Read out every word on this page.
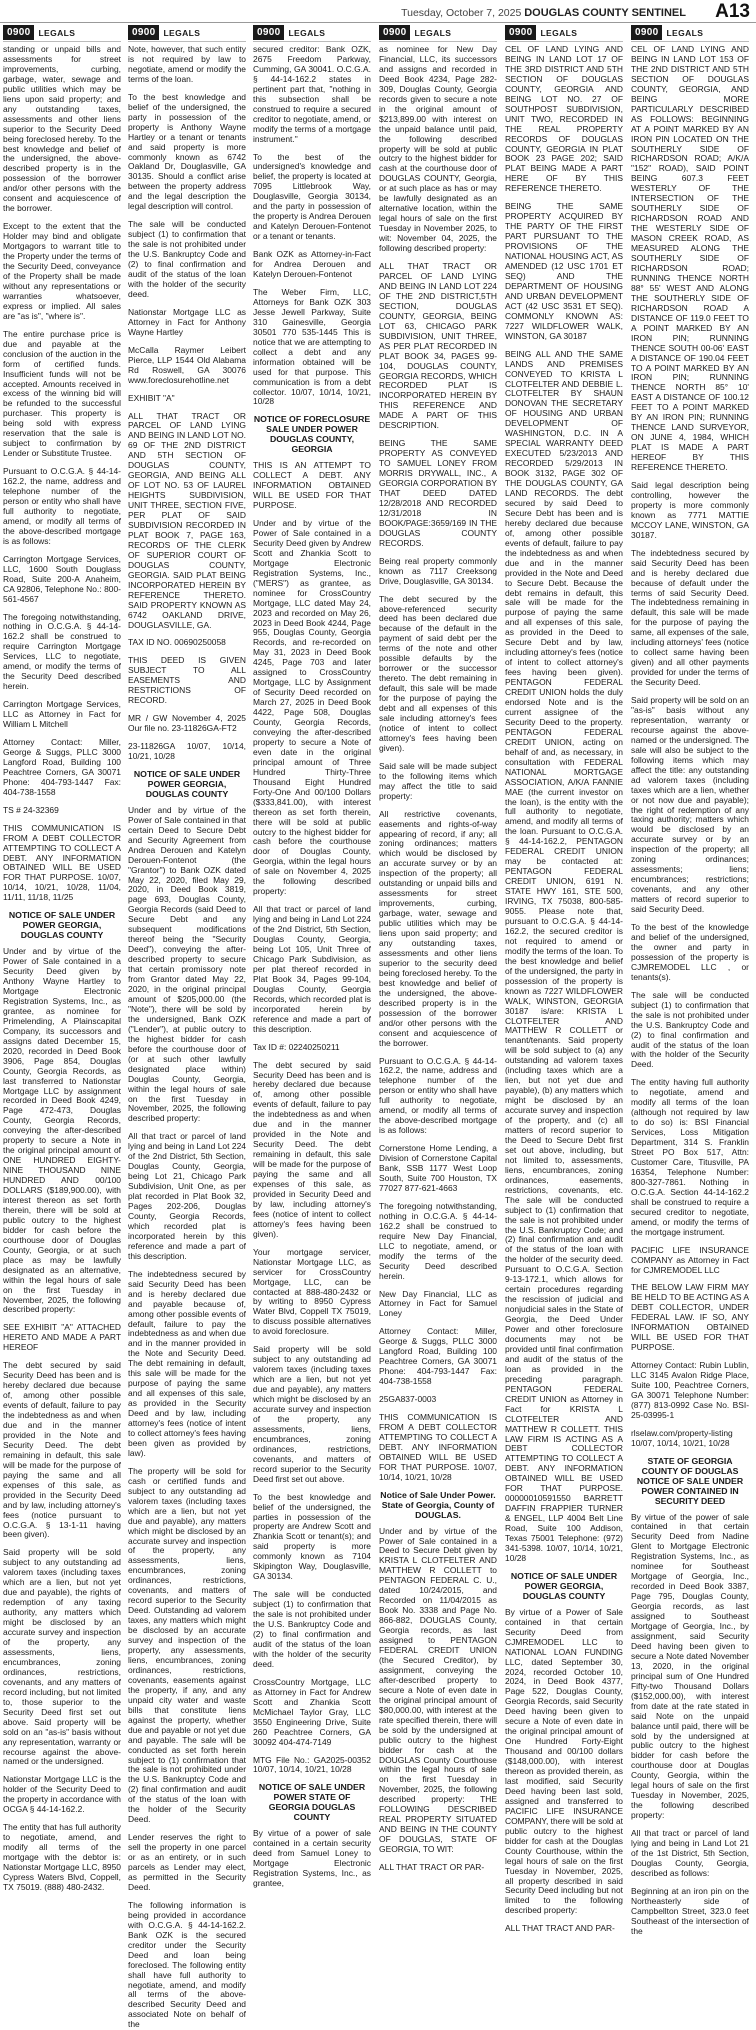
Tuesday, October 7, 2025 DOUGLAS COUNTY SENTINEL A13
0900 LEGALS

standing or unpaid bills and assessments for street improvements, curbing, garbage, water, sewage and public utilities which may be liens upon said property; and any outstanding taxes, assessments and other liens superior to the Security Deed being foreclosed hereby. To the best knowledge and belief of the undersigned, the above-described property is in the possession of the borrower and/or other persons with the consent and acquiescence of the borrower.

Except to the extent that the Holder may bind and obligate Mortgagors to warrant title to the Property under the terms of the Security Deed, conveyance of the Property shall be made without any representations or warranties whatsoever, express or implied. All sales are "as is", "where is".

The entire purchase price is due and payable at the conclusion of the auction in the form of certified funds. Insufficient funds will not be accepted. Amounts received in excess of the winning bid will be refunded to the successful purchaser. This property is being sold with express reservation that the sale is subject to confirmation by Lender or Substitute Trustee.

Pursuant to O.C.G.A. § 44-14-162.2, the name, address and telephone number of the person or entity who shall have full authority to negotiate, amend, or modify all terms of the above-described mortgage is as follows:

Carrington Mortgage Services, LLC, 1600 South Douglass Road, Suite 200-A Anaheim, CA 92806, Telephone No.: 800-561-4567

The foregoing notwithstanding, nothing in O.C.G.A. § 44-14-162.2 shall be construed to require Carrington Mortgage Services, LLC to negotiate, amend, or modify the terms of the Security Deed described herein.

Carrington Mortgage Services, LLC as Attorney in Fact for William L Mitchell

Attorney Contact: Miller, George & Suggs, PLLC 3000 Langford Road, Building 100 Peachtree Corners, GA 30071 Phone: 404-793-1447 Fax: 404-738-1558

TS # 24-32369

THIS COMMUNICATION IS FROM A DEBT COLLECTOR ATTEMPTING TO COLLECT A DEBT. ANY INFORMATION OBTAINED WILL BE USED FOR THAT PURPOSE. 10/07, 10/14, 10/21, 10/28, 11/04, 11/11, 11/18, 11/25

NOTICE OF SALE UNDER POWER GEORGIA, DOUGLAS COUNTY

Under and by virtue of the Power of Sale contained in a Security Deed given by Anthony Wayne Hartley to Mortgage Electronic Registration Systems, Inc., as grantee, as nominee for Primelending, A Plainscapital Company, its successors and assigns dated December 15, 2020, recorded in Deed Book 3906, Page 854, Douglas County, Georgia Records, as last transferred to Nationstar Mortgage LLC by assignment recorded in Deed Book 4249, Page 472-473, Douglas County, Georgia Records, conveying the after-described property to secure a Note in the original principal amount of ONE HUNDRED EIGHTY-NINE THOUSAND NINE HUNDRED AND 00/100 DOLLARS ($189,900.00), with interest thereon as set forth therein, there will be sold at public outcry to the highest bidder for cash before the courthouse door of Douglas County, Georgia, or at such place as may be lawfully designated as an alternative, within the legal hours of sale on the first Tuesday in November, 2025, the following described property:

SEE EXHIBIT "A" ATTACHED HERETO AND MADE A PART HEREOF

The debt secured by said Security Deed has been and is hereby declared due because of, among other possible events of default, failure to pay the indebtedness as and when due and in the manner provided in the Note and Security Deed. The debt remaining in default, this sale will be made for the purpose of paying the same and all expenses of this sale, as provided in the Security Deed and by law, including attorney's fees (notice pursuant to O.C.G.A. § 13-1-11 having been given).

Said property will be sold subject to any outstanding ad valorem taxes (including taxes which are a lien, but not yet due and payable), the rights of redemption of any taxing authority, any matters which might be disclosed by an accurate survey and inspection of the property, any assessments, liens, encumbrances, zoning ordinances, restrictions, covenants, and any matters of record including, but not limited to, those superior to the Security Deed first set out above. Said property will be sold on an "as-is" basis without any representation, warranty or recourse against the above-named or the undersigned.

Nationstar Mortgage LLC is the holder of the Security Deed to the property in accordance with OCGA § 44-14-162.2.

The entity that has full authority to negotiate, amend, and modify all terms of the mortgage with the debtor is: Nationstar Mortgage LLC, 8950 Cypress Waters Blvd, Coppell, TX 75019. (888) 480-2432.

0900 LEGALS

Note, however, that such entity is not required by law to negotiate, amend or modify the terms of the loan.

To the best knowledge and belief of the undersigned, the party in possession of the property is Anthony Wayne Hartley or a tenant or tenants and said property is more commonly known as 6742 Oakland Dr, Douglasville, GA 30135. Should a conflict arise between the property address and the legal description the legal description will control.

The sale will be conducted subject (1) to confirmation that the sale is not prohibited under the U.S. Bankruptcy Code and (2) to final confirmation and audit of the status of the loan with the holder of the security deed.

Nationstar Mortgage LLC as Attorney in Fact for Anthony Wayne Hartley

McCalla Raymer Leibert Pierce, LLP 1544 Old Alabama Rd Roswell, GA 30076 www.foreclosurehotline.net

EXHIBIT "A"

ALL THAT TRACT OR PARCEL OF LAND LYING AND BEING IN LAND LOT NO. 69 OF THE 2ND DISTRICT AND 5TH SECTION OF DOUGLAS COUNTY, GEORGIA, AND BEING ALL OF LOT NO. 53 OF LAUREL HEIGHTS SUBDIVISION, UNIT THREE, SECTION FIVE, PER PLAT OF SAID SUBDIVISION RECORDED IN PLAT BOOK 7, PAGE 163, RECORDS OF THE CLERK OF SUPERIOR COURT OF DOUGLAS COUNTY, GEORGIA. SAID PLAT BEING INCORPORATED HEREIN BY REFERENCE THERETO. SAID PROPERTY KNOWN AS 6742 OAKLAND DRIVE, DOUGLASVILLE, GA.

TAX ID NO. 00690250058

THIS DEED IS GIVEN SUBJECT TO ALL EASEMENTS AND RESTRICTIONS OF RECORD.

MR / GW November 4, 2025 Our file no. 23-11826GA-FT2

23-11826GA 10/07, 10/14, 10/21, 10/28

NOTICE OF SALE UNDER POWER GEORGIA, DOUGLAS COUNTY

Under and by virtue of the Power of Sale contained in that certain Deed to Secure Debt and Security Agreement from Andrea Derouen and Katelyn Derouen-Fontenot (the "Grantor") to Bank OZK dated May 22, 2020, filed May 29, 2020, in Deed Book 3819, page 693, Douglas County, Georgia Records (said Deed to Secure Debt and any subsequent modifications thereof being the "Security Deed"), conveying the after-described property to secure that certain promissory note from Grantor dated May 22, 2020, in the original principal amount of $205,000.00 (the "Note"), there will be sold by the undersigned, Bank OZK ("Lender"), at public outcry to the highest bidder for cash before the courthouse door of (or at such other lawfully designated place within) Douglas County, Georgia, within the legal hours of sale on the first Tuesday in November, 2025, the following described property:

All that tract or parcel of land lying and being in Land Lot 224 of the 2nd District, 5th Section, Douglas County, Georgia, being Lot 21, Chicago Park Subdivision, Unit One, as per plat recorded in Plat Book 32, Pages 202-206, Douglas County, Georgia Records, which recorded plat is incorporated herein by this reference and made a part of this description.

The indebtedness secured by said Security Deed has been and is hereby declared due and payable because of, among other possible events of default, failure to pay the indebtedness as and when due and in the manner provided in the Note and Security Deed. The debt remaining in default, this sale will be made for the purpose of paying the same and all expenses of this sale, as provided in the Security Deed and by law, including attorney's fees (notice of intent to collect attorney's fees having been given as provided by law).

The property will be sold for cash or certified funds and subject to any outstanding ad valorem taxes (including taxes which are a lien, but not yet due and payable), any matters which might be disclosed by an accurate survey and inspection of the property, any assessments, liens, encumbrances, zoning ordinances, restrictions, covenants, and matters of record superior to the Security Deed. Outstanding ad valorem taxes, any matters which might be disclosed by an accurate survey and inspection of the property, any assessments, liens, encumbrances, zoning ordinances, restrictions, covenants, easements against the property, if any, and any unpaid city water and waste bills that constitute liens against the property, whether due and payable or not yet due and payable. The sale will be conducted as set forth herein subject to (1) confirmation that the sale is not prohibited under the U.S. Bankruptcy Code and (2) final confirmation and audit of the status of the loan with the holder of the Security Deed.

Lender reserves the right to sell the property in one parcel or as an entirety, or in such parcels as Lender may elect, as permitted in the Security Deed.

The following information is being provided in accordance with O.C.G.A. § 44-14-162.2. Bank OZK is the secured creditor under the Security Deed and loan being foreclosed. The following entity shall have full authority to negotiate, amend, and modify all terms of the above-described Security Deed and associated Note on behalf of the

0900 LEGALS

secured creditor: Bank OZK, 2675 Freedom Parkway, Cumming, GA 30041. O.C.G.A. § 44-14-162.2 states in pertinent part that, "nothing in this subsection shall be construed to require a secured creditor to negotiate, amend, or modify the terms of a mortgage instrument."

To the best of the undersigned's knowledge and belief, the property is located at 7095 Littlebrook Way, Douglasville, Georgia 30134, and the party in possession of the property is Andrea Derouen and Katelyn Derouen-Fontenot or a tenant or tenants.

Bank OZK as Attorney-in-Fact for Andrea Derouen and Katelyn Derouen-Fontenot

The Weber Firm, LLC, Attorneys for Bank OZK 303 Jesse Jewell Parkway, Suite 310 Gainesville, Georgia 30501 770 535-1445 This is notice that we are attempting to collect a debt and any information obtained will be used for that purpose. This communication is from a debt collector. 10/07, 10/14, 10/21, 10/28

NOTICE OF FORECLOSURE SALE UNDER POWER DOUGLAS COUNTY, GEORGIA

THIS IS AN ATTEMPT TO COLLECT A DEBT. ANY INFORMATION OBTAINED WILL BE USED FOR THAT PURPOSE.

Under and by virtue of the Power of Sale contained in a Security Deed given by Andrew Scott and Zhankia Scott to Mortgage Electronic Registration Systems, Inc., ("MERS") as grantee, as nominee for CrossCountry Mortgage, LLC dated May 24, 2023 and recorded on May 26, 2023 in Deed Book 4244, Page 955, Douglas County, Georgia Records, and re-recorded on May 31, 2023 in Deed Book 4245, Page 703 and later assigned to CrossCountry Mortgage, LLC by Assignment of Security Deed recorded on March 27, 2025 in Deed Book 4422, Page 508, Douglas County, Georgia Records, conveying the after-described property to secure a Note of even date in the original principal amount of Three Hundred Thirty-Three Thousand Eight Hundred Forty-One And 00/100 Dollars ($333,841.00), with interest thereon as set forth therein, there will be sold at public outcry to the highest bidder for cash before the courthouse door of Douglas County, Georgia, within the legal hours of sale on November 4, 2025 the following described property:

All that tract or parcel of land lying and being in Land Lot 224 of the 2nd District, 5th Section, Douglas County, Georgia, being Lot 105, Unit Three of Chicago Park Subdivision, as per plat thereof recorded in Plat Book 34, Pages 99-104, Douglas County, Georgia Records, which recorded plat is incorporated herein by reference and made a part of this description.

Tax ID #: 02240250211

The debt secured by said Security Deed has been and is hereby declared due because of, among other possible events of default, failure to pay the indebtedness as and when due and in the manner provided in the Note and Security Deed. The debt remaining in default, this sale will be made for the purpose of paying the same and all expenses of this sale, as provided in Security Deed and by law, including attorney's fees (notice of intent to collect attorney's fees having been given).

Your mortgage servicer, Nationstar Mortgage LLC, as servicer for CrossCountry Mortgage, LLC, can be contacted at 888-480-2432 or by writing to 8950 Cypress Water Blvd, Coppell TX 75019, to discuss possible alternatives to avoid foreclosure.

Said property will be sold subject to any outstanding ad valorem taxes (including taxes which are a lien, but not yet due and payable), any matters which might be disclosed by an accurate survey and inspection of the property, any assessments, liens, encumbrances, zoning ordinances, restrictions, covenants, and matters of record superior to the Security Deed first set out above.

To the best knowledge and belief of the undersigned, the parties in possession of the property are Andrew Scott and Zhankia Scott or tenant(s); and said property is more commonly known as 7104 Skipington Way, Douglasville, GA 30134.

The sale will be conducted subject (1) to confirmation that the sale is not prohibited under the U.S. Bankruptcy Code and (2) to final confirmation and audit of the status of the loan with the holder of the security deed.

CrossCountry Mortgage, LLC as Attorney in Fact for Andrew Scott and Zhankia Scott McMichael Taylor Gray, LLC 3550 Engineering Drive, Suite 260 Peachtree Corners, GA 30092 404-474-7149

MTG File No.: GA2025-00352 10/07, 10/14, 10/21, 10/28

NOTICE OF SALE UNDER POWER STATE OF GEORGIA DOUGLAS COUNTY

By virtue of a power of sale contained in a certain security deed from Samuel Loney to Mortgage Electronic Registration Systems, Inc., as grantee,

0900 LEGALS

as nominee for New Day Financial, LLC, its successors and assigns and recorded in Deed Book 4234, Page 282-309, Douglas County, Georgia records given to secure a note in the original amount of $213,899.00 with interest on the unpaid balance until paid, the following described property will be sold at public outcry to the highest bidder for cash at the courthouse door of DOUGLAS COUNTY, Georgia, or at such place as has or may be lawfully designated as an alternative location, within the legal hours of sale on the first Tuesday in November 2025, to wit: November 04, 2025, the following described property:

ALL THAT TRACT OR PARCEL OF LAND LYING AND BEING IN LAND LOT 224 OF THE 2ND DISTRICT,5TH SECTION, DOUGLAS COUNTY, GEORGIA, BEING LOT 63, CHICAGO PARK SUBDIVISION, UNIT THREE, AS PER PLAT RECORDED IN PLAT BOOK 34, PAGES 99-104, DOUGLAS COUNTY, GEORGIA RECORDS, WHICH RECORDED PLAT IS INCORPORATED HEREIN BY THIS REFERENCE AND MADE A PART OF THIS DESCRIPTION.

BEING THE SAME PROPERTY AS CONVEYED TO SAMUEL LONEY FROM MORRIS DRYWALL, INC., A GEORGIA CORPORATION BY THAT DEED DATED 12/28/2018 AND RECORDED 12/31/2018 IN BOOK/PAGE:3659/169 IN THE DOUGLAS COUNTY RECORDS.

Being real property commonly known as 7117 Creeksong Drive, Douglasville, GA 30134.

The debt secured by the above-referenced security deed has been declared due because of the default in the payment of said debt per the terms of the note and other possible defaults by the borrower or the successor thereto. The debt remaining in default, this sale will be made for the purpose of paying the debt and all expenses of this sale including attorney's fees (notice of intent to collect attorney's fees having been given).

Said sale will be made subject to the following items which may affect the title to said property:

All restrictive covenants, easements and rights-of-way appearing of record, if any; all zoning ordinances; matters which would be disclosed by an accurate survey or by an inspection of the property; all outstanding or unpaid bills and assessments for street improvements, curbing, garbage, water, sewage and public utilities which may be liens upon said property; and any outstanding taxes, assessments and other liens superior to the security deed being foreclosed hereby. To the best knowledge and belief of the undersigned, the above-described property is in the possession of the borrower and/or other persons with the consent and acquiescence of the borrower.

Pursuant to O.C.G.A. § 44-14-162.2, the name, address and telephone number of the person or entity who shall have full authority to negotiate, amend, or modify all terms of the above-described mortgage is as follows:

Cornerstone Home Lending, a Division of Cornerstone Capital Bank, SSB 1177 West Loop South, Suite 700 Houston, TX 77027 877-621-4663

The foregoing notwithstanding, nothing in O.C.G.A. § 44-14-162.2 shall be construed to require New Day Financial, LLC to negotiate, amend, or modify the terms of the Security Deed described herein.

New Day Financial, LLC as Attorney in Fact for Samuel Loney

Attorney Contact: Miller, George & Suggs, PLLC 3000 Langford Road, Building 100 Peachtree Corners, GA 30071 Phone: 404-793-1447 Fax: 404-738-1558

25GA837-0003

THIS COMMUNICATION IS FROM A DEBT COLLECTOR ATTEMPTING TO COLLECT A DEBT. ANY INFORMATION OBTAINED WILL BE USED FOR THAT PURPOSE. 10/07, 10/14, 10/21, 10/28

Notice of Sale Under Power. State of Georgia, County of DOUGLAS.

Under and by virtue of the Power of Sale contained in a Deed to Secure Debt given by KRISTA L CLOTFELTER AND MATTHEW R COLLETT to PENTAGON FEDERAL C. U., dated 10/24/2015, and Recorded on 11/04/2015 as Book No. 3338 and Page No. 866-882, DOUGLAS County, Georgia records, as last assigned to PENTAGON FEDERAL CREDIT UNION (the Secured Creditor), by assignment, conveying the after-described property to secure a Note of even date in the original principal amount of $80,000.00, with interest at the rate specified therein, there will be sold by the undersigned at public outcry to the highest bidder for cash at the DOUGLAS County Courthouse within the legal hours of sale on the first Tuesday in November, 2025, the following described property: THE FOLLOWING DESCRIBED REAL PROPERTY SITUATED AND BEING IN THE COUNTY OF DOUGLAS, STATE OF GEORGIA, TO WIT:

ALL THAT TRACT OR PAR-

0900 LEGALS

CEL OF LAND LYING AND BEING IN LAND LOT 17 OF THE 3RD DISTRICT AND 5TH SECTION OF DOUGLAS COUNTY, GEORGIA AND BEING LOT NO. 27 OF SOUTHPOST SUBDIVISION, UNIT TWO, RECORDED IN THE REAL PROPERTY RECORDS OF DOUGLAS COUNTY, GEORGIA IN PLAT BOOK 23 PAGE 202; SAID PLAT BEING MADE A PART HERE OF BY THIS REFERENCE THERETO.

BEING THE SAME PROPERTY ACQUIRED BY THE PARTY OF THE FIRST PART PURSUANT TO THE PROVISIONS OF THE NATIONAL HOUSING ACT, AS AMENDED (12 USC 1701 ET SEQ) AND THE DEPARTMENT OF HOUSING AND URBAN DEVELOPMENT ACT (42 USC 3531 ET SEQ). COMMONLY KNOWN AS: 7227 WILDFLOWER WALK, WINSTON, GA 30187

BEING ALL AND THE SAME LANDS AND PREMISES CONVEYED TO KRISTA L CLOTFELTER AND DEBBIE L. CLOTFELTER BY SHAUN DONOVAN THE SECRETARY OF HOUSING AND URBAN DEVELOPMENT OF WASHINGTON, D.C. IN A SPECIAL WARRANTY DEED EXECUTED 5/23/2013 AND RECORDED 5/29/2013 IN BOOK 3132, PAGE 302 OF THE DOUGLAS COUNTY, GA LAND RECORDS. The debt secured by said Deed to Secure Debt has been and is hereby declared due because of, among other possible events of default, failure to pay the indebtedness as and when due and in the manner provided in the Note and Deed to Secure Debt. Because the debt remains in default, this sale will be made for the purpose of paying the same and all expenses of this sale, as provided in the Deed to Secure Debt and by law, including attorney's fees (notice of intent to collect attorney's fees having been given). PENTAGON FEDERAL CREDIT UNION holds the duly endorsed Note and is the current assignee of the Security Deed to the property. PENTAGON FEDERAL CREDIT UNION, acting on behalf of and, as necessary, in consultation with FEDERAL NATIONAL MORTGAGE ASSOCIATION, A/K/A FANNIE MAE (the current investor on the loan), is the entity with the full authority to negotiate, amend, and modify all terms of the loan. Pursuant to O.C.G.A. § 44-14-162.2, PENTAGON FEDERAL CREDIT UNION may be contacted at: PENTAGON FEDERAL CREDIT UNION, 6191 N. STATE HWY 161, STE 500, IRVING, TX 75038, 800-585-9055. Please note that, pursuant to O.C.G.A. § 44-14-162.2, the secured creditor is not required to amend or modify the terms of the loan. To the best knowledge and belief of the undersigned, the party in possession of the property is known as 7227 WILDFLOWER WALK, WINSTON, GEORGIA 30187 is/are: KRISTA L CLOTFELTER AND MATTHEW R COLLETT or tenant/tenants. Said property will be sold subject to (a) any outstanding ad valorem taxes (including taxes which are a lien, but not yet due and payable), (b) any matters which might be disclosed by an accurate survey and inspection of the property, and (c) all matters of record superior to the Deed to Secure Debt first set out above, including, but not limited to, assessments, liens, encumbrances, zoning ordinances, easements, restrictions, covenants, etc. The sale will be conducted subject to (1) confirmation that the sale is not prohibited under the U.S. Bankruptcy Code; and (2) final confirmation and audit of the status of the loan with the holder of the security deed. Pursuant to O.C.G.A. Section 9-13-172.1, which allows for certain procedures regarding the rescission of judicial and nonjudicial sales in the State of Georgia, the Deed Under Power and other foreclosure documents may not be provided until final confirmation and audit of the status of the loan as provided in the preceding paragraph. PENTAGON FEDERAL CREDIT UNION as Attorney in Fact for KRISTA L CLOTFELTER AND MATTHEW R COLLETT. THIS LAW FIRM IS ACTING AS A DEBT COLLECTOR ATTEMPTING TO COLLECT A DEBT. ANY INFORMATION OBTAINED WILL BE USED FOR THAT PURPOSE. 00000010591550 BARRETT DAFFIN FRAPPIER TURNER & ENGEL, LLP 4004 Belt Line Road, Suite 100 Addison, Texas 75001 Telephone: (972) 341-5398. 10/07, 10/14, 10/21, 10/28

NOTICE OF SALE UNDER POWER GEORGIA, DOUGLAS COUNTY

By virtue of a Power of Sale contained in that certain Security Deed from CJMREMODEL LLC to NATIONAL LOAN FUNDING LLC, dated September 30, 2024, recorded October 10, 2024, in Deed Book 4377, Page 522, Douglas County, Georgia Records, said Security Deed having been given to secure a Note of even date in the original principal amount of One Hundred Forty-Eight Thousand and 00/100 dollars ($148,000.00), with interest thereon as provided therein, as last modified, said Security Deed having been last sold, assigned and transferred to PACIFIC LIFE INSURANCE COMPANY, there will be sold at public outcry to the highest bidder for cash at the Douglas County Courthouse, within the legal hours of sale on the first Tuesday in November, 2025, all property described in said Security Deed including but not limited to the following described property:

ALL THAT TRACT AND PAR-

0900 LEGALS

CEL OF LAND LYING AND BEING IN LAND LOT 153 OF THE 2ND DISTRICT AND 5TH SECTION OF DOUGLAS COUNTY, GEORGIA, AND BEING MORE PARTICULARLY DESCRIBED AS FOLLOWS: BEGINNING AT A POINT MARKED BY AN IRON PIN LOCATED ON THE SOUTHERLY SIDE OF RICHARDSON ROAD; A/K/A "152" ROAD), SAID POINT BEING 607.3 FEET WESTERLY OF THE INTERSECTION OF THE SOUTHERLY SIDE OF RICHARDSON ROAD AND THE WESTERLY SIDE OF MASON CREEK ROAD, AS MEASURED ALONG THE SOUTHERLY SIDE OF RICHARDSON ROAD; RUNNING THENCE NORTH 88° 55' WEST AND ALONG THE SOUTHERLY SIDE OF RICHARDSON ROAD A DISTANCE OF 119.0 FEET TO A POINT MARKED BY AN IRON PIN; RUNNING THENCE SOUTH 00-06' EAST A DISTANCE OF 190.04 FEET TO A POINT MARKED BY AN IRON PIN; RUNNING THENCE NORTH 85° 10' EAST A DISTANCE OF 100.12 FEET TO A POINT MARKED BY AN IRON PIN; RUNNING THENCE LAND SURVEYOR, ON JUNE 4, 1984, WHICH PLAT IS MADE A PART HEREOF BY THIS REFERENCE THERETO.

Said legal description being controlling, however the property is more commonly known as 7771 MATTIE MCCOY LANE, WINSTON, GA 30187.

The indebtedness secured by said Security Deed has been and is hereby declared due because of default under the terms of said Security Deed. The indebtedness remaining in default, this sale will be made for the purpose of paying the same, all expenses of the sale, including attorneys' fees (notice to collect same having been given) and all other payments provided for under the terms of the Security Deed.

Said property will be sold on an "as-is" basis without any representation, warranty or recourse against the above-named or the undersigned. The sale will also be subject to the following items which may affect the title: any outstanding ad valorem taxes (including taxes which are a lien, whether or not now due and payable); the right of redemption of any taxing authority; matters which would be disclosed by an accurate survey or by an inspection of the property; all zoning ordinances; assessments; liens; encumbrances; restrictions; covenants, and any other matters of record superior to said Security Deed.

To the best of the knowledge and belief of the undersigned, the owner and party in possession of the property is CJMREMODEL LLC , or tenants(s).

The sale will be conducted subject (1) to confirmation that the sale is not prohibited under the U.S. Bankruptcy Code and (2) to final confirmation and audit of the status of the loan with the holder of the Security Deed.

The entity having full authority to negotiate, amend and modify all terms of the loan (although not required by law to do so) is: BSI Financial Services, Loss Mitigation Department, 314 S. Franklin Street PO Box 517, Attn: Customer Care, Titusville, PA 16354, Telephone Number: 800-327-7861. Nothing in O.C.G.A. Section 44-14-162.2 shall be construed to require a secured creditor to negotiate, amend, or modify the terms of the mortgage instrument.

PACIFIC LIFE INSURANCE COMPANY as Attorney in Fact for CJMREMODEL LLC

THE BELOW LAW FIRM MAY BE HELD TO BE ACTING AS A DEBT COLLECTOR, UNDER FEDERAL LAW. IF SO, ANY INFORMATION OBTAINED WILL BE USED FOR THAT PURPOSE.

Attorney Contact: Rubin Lublin, LLC 3145 Avalon Ridge Place, Suite 100, Peachtree Corners, GA 30071 Telephone Number: (877) 813-0992 Case No. BSI-25-03995-1

rlselaw.com/property-listing 10/07, 10/14, 10/21, 10/28

STATE OF GEORGIA COUNTY OF DOUGLAS NOTICE OF SALE UNDER POWER CONTAINED IN SECURITY DEED

By virtue of the power of sale contained in that certain Security Deed from Nadine Glent to Mortgage Electronic Registration Systems, Inc., as nominee for Southeast Mortgage of Georgia, Inc., recorded in Deed Book 3387, Page 795, Douglas County, Georgia records, as last assigned to Southeast Mortgage of Georgia, Inc., by assignment, said Security Deed having been given to secure a Note dated November 13, 2020, in the original principal sum of One Hundred Fifty-two Thousand Dollars ($152,000.00), with interest from date at the rate stated in said Note on the unpaid balance until paid, there will be sold by the undersigned at public outcry to the highest bidder for cash before the courthouse door at Douglas County, Georgia, within the legal hours of sale on the first Tuesday in November, 2025, the following described property:

All that tract or parcel of land lying and being in Land Lot 21 of the 1st District, 5th Section, Douglas County, Georgia, described as follows:

Beginning at an iron pin on the Northeasterly side of Campbellton Street, 323.0 feet Southeast of the intersection of the
